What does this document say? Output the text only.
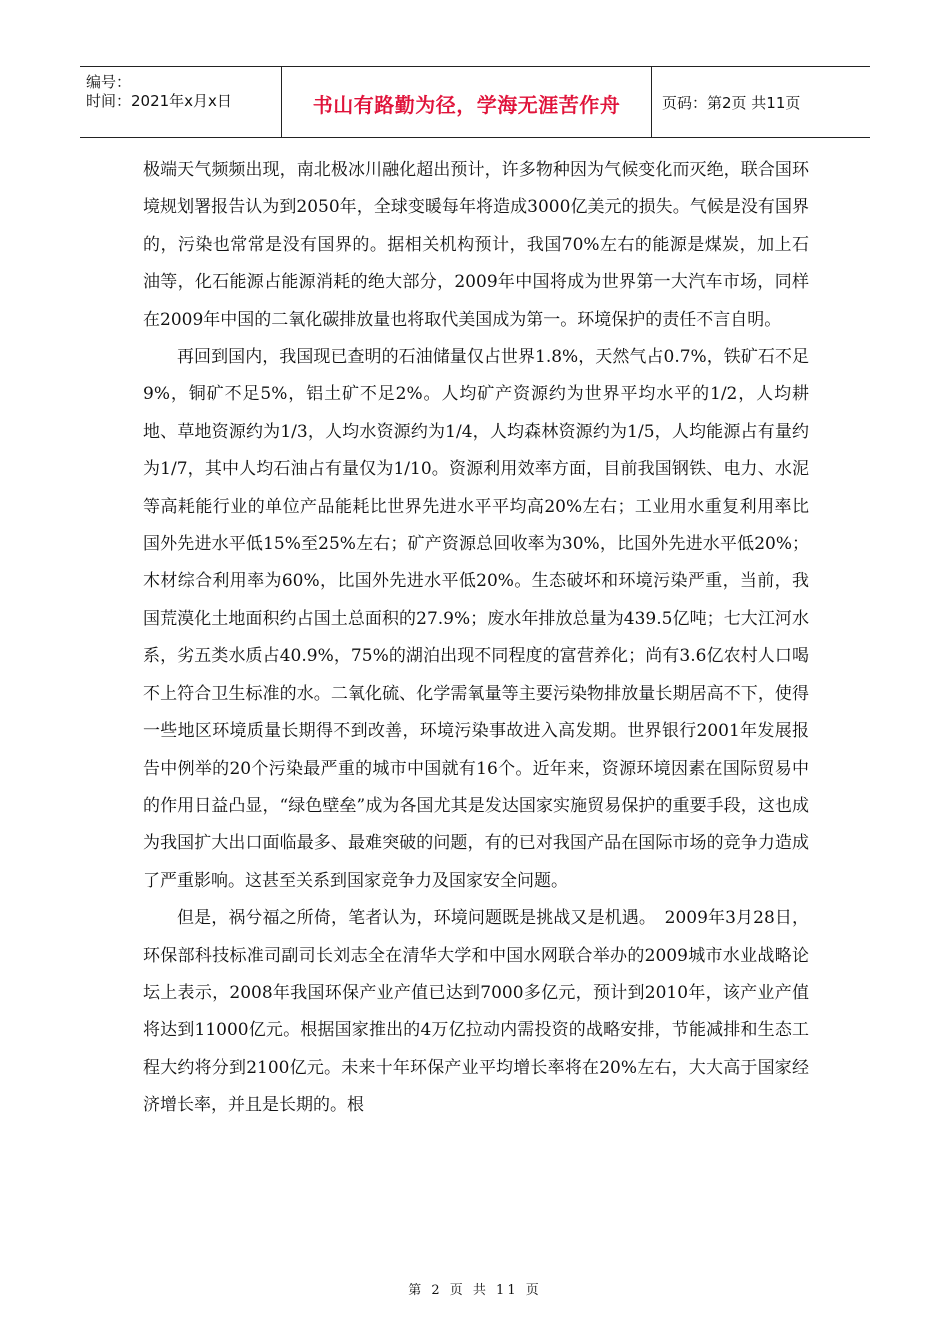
编号：
时间：2021年x月x日	书山有路勤为径，学海无涯苦作舟	页码：第2页 共11页

极端天气频频出现，南北极冰川融化超出预计，许多物种因为气候变化而灭绝，联合国环境规划署报告认为到2050年，全球变暖每年将造成3000亿美元的损失。气候是没有国界的，污染也常常是没有国界的。据相关机构预计，我国70%左右的能源是煤炭，加上石油等，化石能源占能源消耗的绝大部分，2009年中国将成为世界第一大汽车市场，同样在2009年中国的二氧化碳排放量也将取代美国成为第一。环境保护的责任不言自明。

再回到国内，我国现已查明的石油储量仅占世界1.8%，天然气占0.7%，铁矿石不足9%，铜矿不足5%，铝土矿不足2%。人均矿产资源约为世界平均水平的1/2，人均耕地、草地资源约为1/3，人均水资源约为1/4，人均森林资源约为1/5，人均能源占有量约为1/7，其中人均石油占有量仅为1/10。资源利用效率方面，目前我国钢铁、电力、水泥等高耗能行业的单位产品能耗比世界先进水平平均高20%左右；工业用水重复利用率比国外先进水平低15%至25%左右；矿产资源总回收率为30%，比国外先进水平低20%；木材综合利用率为60%，比国外先进水平低20%。生态破坏和环境污染严重，当前，我国荒漠化土地面积约占国土总面积的27.9%；废水年排放总量为439.5亿吨；七大江河水系，劣五类水质占40.9%，75%的湖泊出现不同程度的富营养化；尚有3.6亿农村人口喝不上符合卫生标准的水。二氧化硫、化学需氧量等主要污染物排放量长期居高不下，使得一些地区环境质量长期得不到改善，环境污染事故进入高发期。世界银行2001年发展报告中例举的20个污染最严重的城市中国就有16个。近年来，资源环境因素在国际贸易中的作用日益凸显，“绿色壁垒”成为各国尤其是发达国家实施贸易保护的重要手段，这也成为我国扩大出口面临最多、最难突破的问题，有的已对我国产品在国际市场的竞争力造成了严重影响。这甚至关系到国家竞争力及国家安全问题。

但是，祸兮福之所倚，笔者认为，环境问题既是挑战又是机遇。　2009年3月28日，环保部科技标准司副司长刘志全在清华大学和中国水网联合举办的2009城市水业战略论坛上表示，2008年我国环保产业产值已达到7000多亿元，预计到2010年，该产业产值将达到11000亿元。根据国家推出的4万亿拉动内需投资的战略安排，节能减排和生态工程大约将分到2100亿元。未来十年环保产业平均增长率将在20%左右，大大高于国家经济增长率，并且是长期的。根

第 2 页 共 11 页
